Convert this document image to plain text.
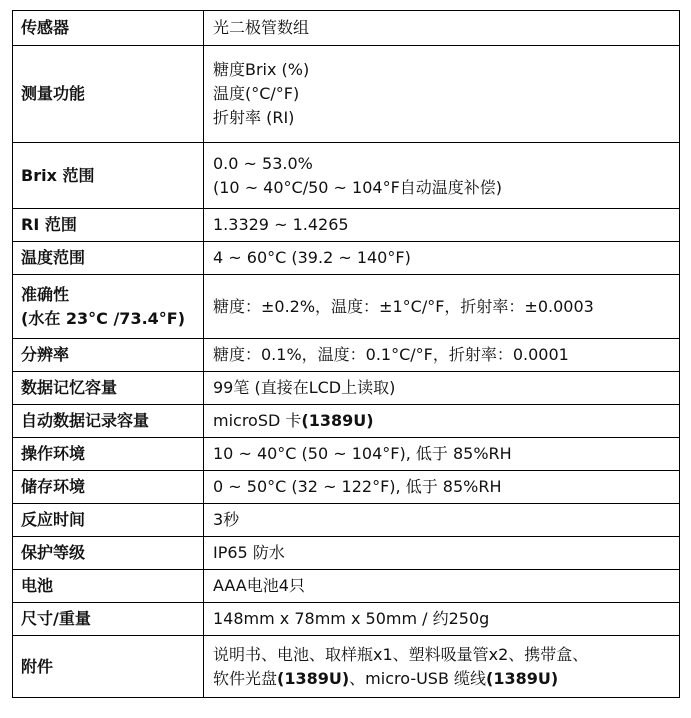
传感器	光二极管数组

测量功能	糖度Brix (%)
温度(°C/°F)
折射率 (RI)

Brix 范围	0.0 ~ 53.0%
(10 ~ 40°C/50 ~ 104°F自动温度补偿)

RI 范围	1.3329 ~ 1.4265

温度范围	4 ~ 60°C (39.2 ~ 140°F)

准确性
(水在 23°C /73.4°F)	糖度：±0.2%，温度：±1°C/°F，折射率：±0.0003

分辨率	糖度：0.1%，温度：0.1°C/°F，折射率：0.0001

数据记忆容量	99笔 (直接在LCD上读取)

自动数据记录容量	microSD 卡(1389U)

操作环境	10 ~ 40°C (50 ~ 104°F), 低于 85%RH

储存环境	0 ~ 50°C (32 ~ 122°F), 低于 85%RH

反应时间	3秒

保护等级	IP65 防水

电池	AAA电池4只

尺寸/重量	148mm x 78mm x 50mm / 约250g

附件	说明书、电池、取样瓶x1、塑料吸量管x2、携带盒、
软件光盘(1389U)、micro-USB 缆线(1389U)
